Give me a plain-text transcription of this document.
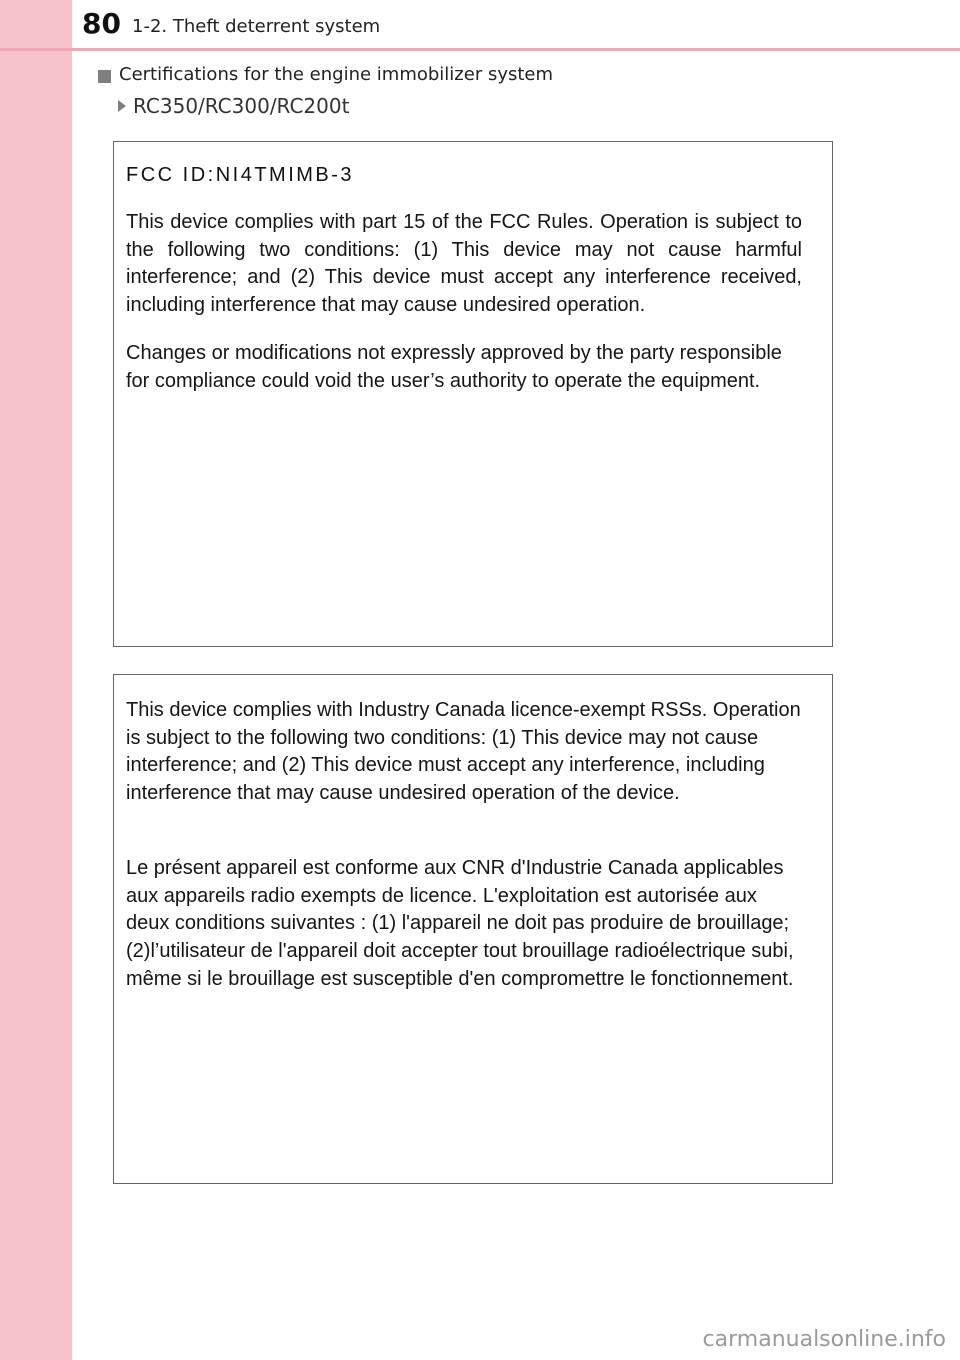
80 1-2. Theft deterrent system
Certifications for the engine immobilizer system
RC350/RC300/RC200t
FCC ID:NI4TMIMB-3

This device complies with part 15 of the FCC Rules. Operation is subject to the following two conditions: (1) This device may not cause harmful interference; and (2) This device must accept any interference received, including interference that may cause undesired operation.

Changes or modifications not expressly approved by the party responsible for compliance could void the user’s authority to operate the equipment.

This device complies with Industry Canada licence-exempt RSSs. Operation is subject to the following two conditions: (1) This device may not cause interference; and (2) This device must accept any interference, including interference that may cause undesired operation of the device.

Le présent appareil est conforme aux CNR d'Industrie Canada applicables aux appareils radio exempts de licence. L'exploitation est autorisée aux deux conditions suivantes : (1) l'appareil ne doit pas produire de brouillage; (2)l’utilisateur de l'appareil doit accepter tout brouillage radioélectrique subi, même si le brouillage est susceptible d'en compromettre le fonctionnement.

carmanualsonline.info
